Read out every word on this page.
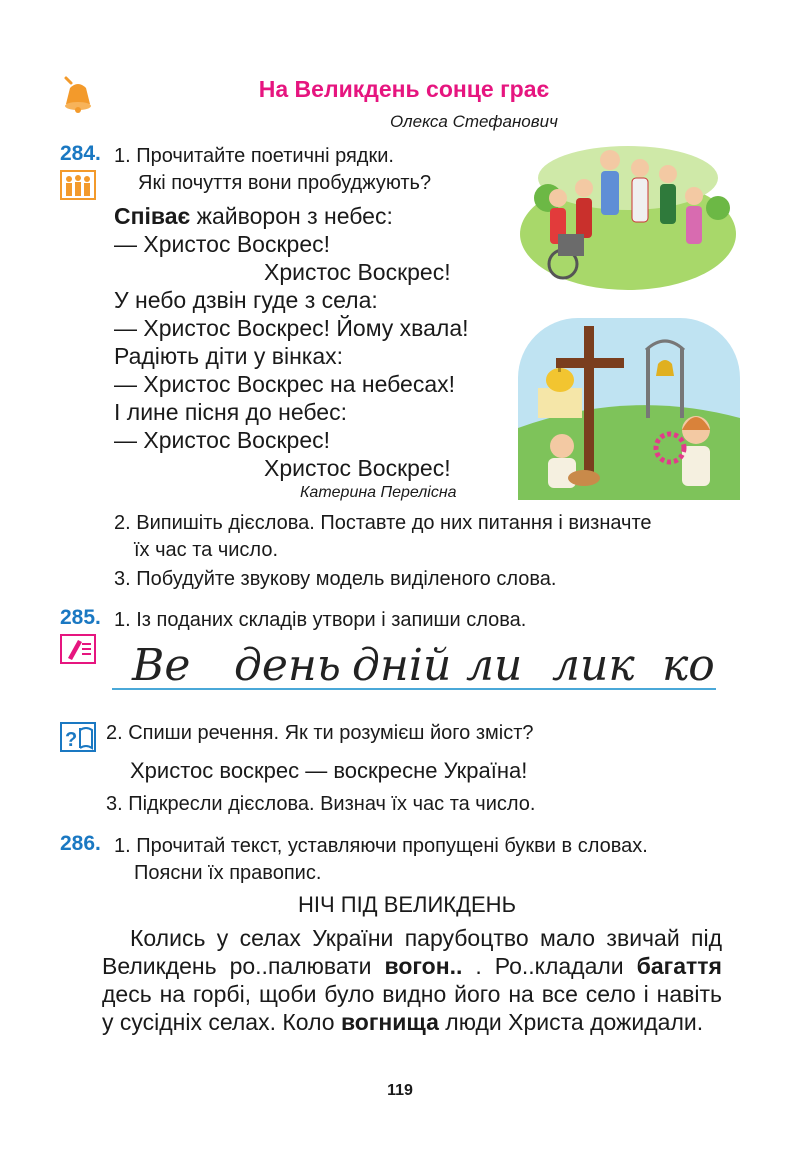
На Великдень сонце грає
Олекса Стефанович
284. 1. Прочитайте поетичні рядки.
Які почуття вони пробуджують?
Співає жайворон з небес:
— Христос Воскрес!
Христос Воскрес!
У небо дзвін гуде з села:
— Христос Воскрес! Йому хвала!
Радіють діти у вінках:
— Христос Воскрес на небесах!
І лине пісня до небес:
— Христос Воскрес!
Христос Воскрес!
Катерина Перелісна
2. Випишіть дієслова. Поставте до них питання і визначте
їх час та число.
3. Побудуйте звукову модель виділеного слова.
285. 1. Із поданих складів утвори і запиши слова.
Ве день дній ли лик ко
? 2. Спиши речення. Як ти розумієш його зміст?
Христос воскрес — воскресне Україна!
3. Підкресли дієслова. Визнач їх час та число.
286. 1. Прочитай текст, уставляючи пропущені букви в словах.
Поясни їх правопис.
НІЧ ПІД ВЕЛИКДЕНЬ
Колись у селах України парубоцтво мало звичай під Великдень ро..палювати вогон.. . Ро..кладали багаття десь на горбі, щоби було видно його на все село і навіть у сусідніх селах. Коло вогнища люди Христа дожидали.
119
